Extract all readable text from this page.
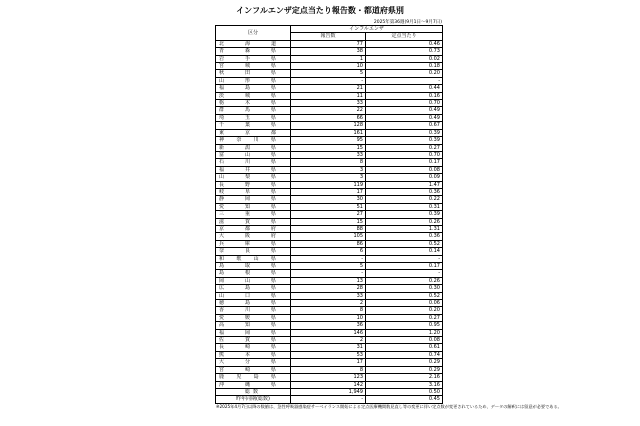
インフルエンザ定点当たり報告数・都道府県別
2025年第36週(9月1日～9月7日)
区分	インフルエンザ	
	報告数	定点当たり
北海道	77	0.46
青森県	38	0.73
岩手県	1	0.02
宮城県	10	0.18
秋田県	5	0.20
山形県	-	-
福島県	21	0.44
茨城県	11	0.16
栃木県	33	0.70
群馬県	22	0.49
埼玉県	66	0.49
千葉県	128	0.67
東京都	161	0.39
神奈川県	95	0.39
新潟県	15	0.27
富山県	33	0.70
石川県	8	0.17
福井県	3	0.08
山梨県	3	0.09
長野県	119	1.47
岐阜県	17	0.36
静岡県	30	0.22
愛知県	51	0.31
三重県	27	0.39
滋賀県	15	0.26
京都府	88	1.31
大阪府	105	0.36
兵庫県	86	0.52
奈良県	6	0.14
和歌山県	-	-
鳥取県	5	0.17
島根県	-	-
岡山県	13	0.26
広島県	28	0.30
山口県	33	0.52
徳島県	2	0.06
香川県	8	0.20
愛媛県	10	0.27
高知県	36	0.95
福岡県	146	1.20
佐賀県	2	0.08
長崎県	31	0.61
熊本県	53	0.74
大分県	17	0.29
宮崎県	8	0.29
鹿児島県	123	2.16
沖縄県	142	3.16
総数	1,949	0.50
昨年同期(総数)	-	0.45
※2025年4月7日以降の数値は、急性呼吸器感染症サーベイランス開始による定点医療機関数見直し等の変更に伴い定点数が変更されているため、データの解釈には留意が必要である。
